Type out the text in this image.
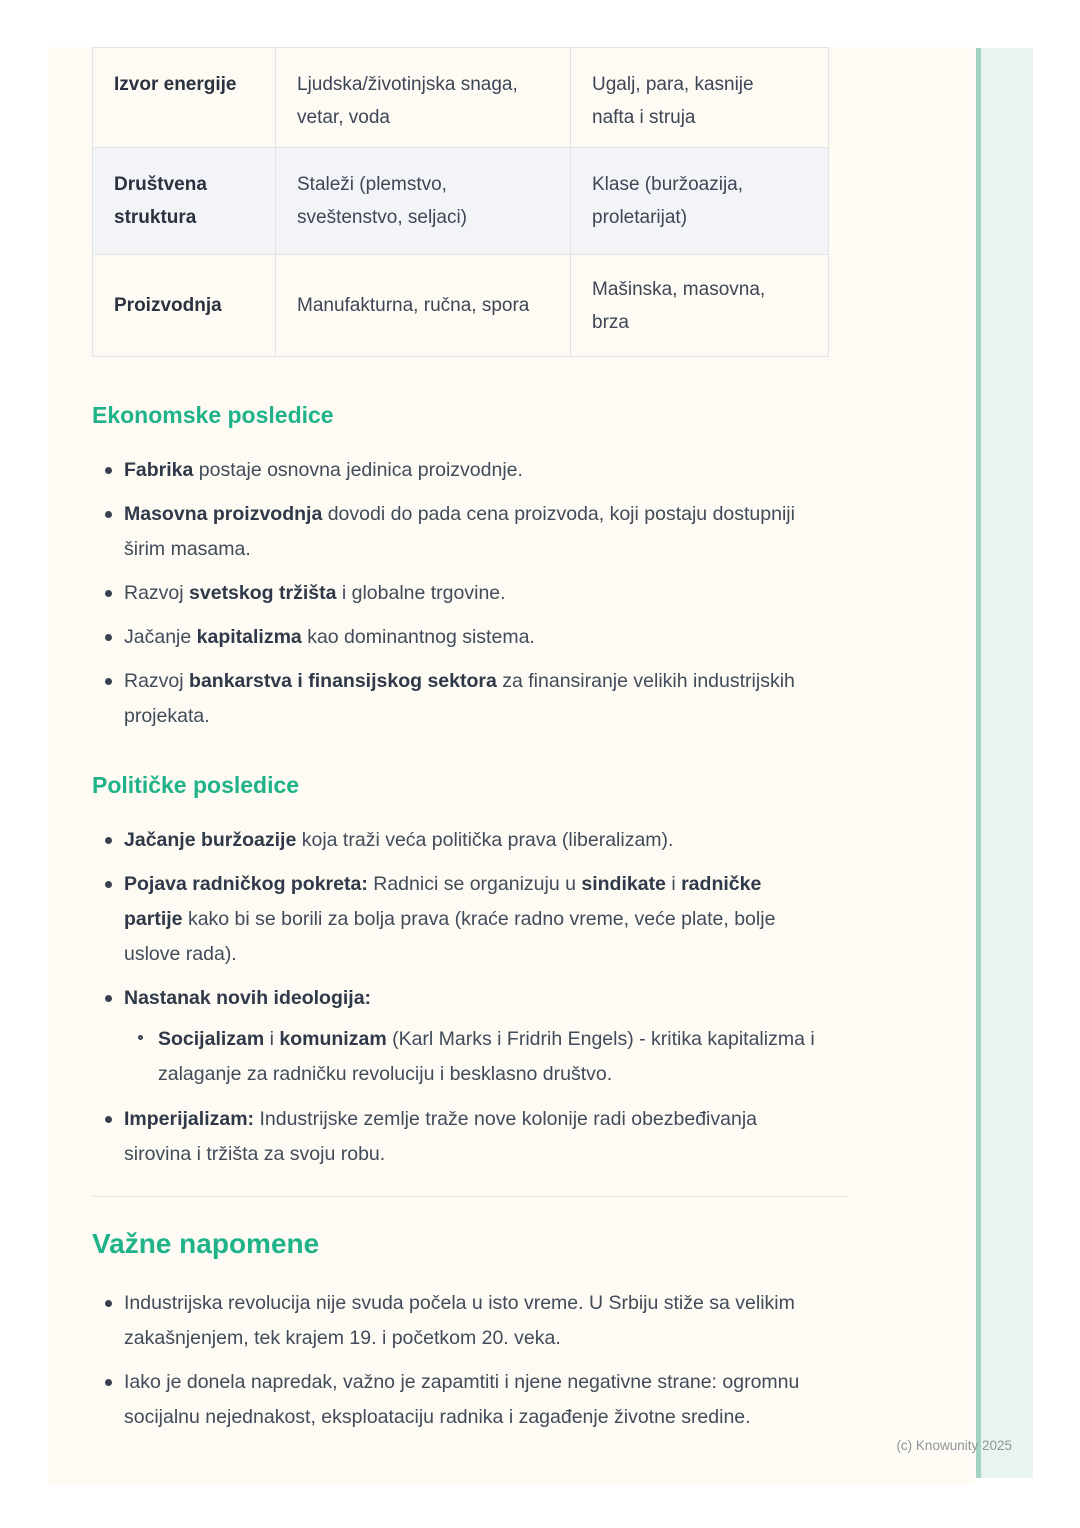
Izvor energije	Ljudska/životinjska snaga, vetar, voda	Ugalj, para, kasnije nafta i struja
Društvena struktura	Staleži (plemstvo, sveštenstvo, seljaci)	Klase (buržoazija, proletarijat)
Proizvodnja	Manufakturna, ručna, spora	Mašinska, masovna, brza
Ekonomske posledice
Fabrika postaje osnovna jedinica proizvodnje.
Masovna proizvodnja dovodi do pada cena proizvoda, koji postaju dostupniji širim masama.
Razvoj svetskog tržišta i globalne trgovine.
Jačanje kapitalizma kao dominantnog sistema.
Razvoj bankarstva i finansijskog sektora za finansiranje velikih industrijskih projekata.
Političke posledice
Jačanje buržoazije koja traži veća politička prava (liberalizam).
Pojava radničkog pokreta: Radnici se organizuju u sindikate i radničke partije kako bi se borili za bolja prava (kraće radno vreme, veće plate, bolje uslove rada).
Nastanak novih ideologija:
Socijalizam i komunizam (Karl Marks i Fridrih Engels) - kritika kapitalizma i zalaganje za radničku revoluciju i besklasno društvo.
Imperijalizam: Industrijske zemlje traže nove kolonije radi obezbeđivanja sirovina i tržišta za svoju robu.
Važne napomene
Industrijska revolucija nije svuda počela u isto vreme. U Srbiju stiže sa velikim zakašnjenjem, tek krajem 19. i početkom 20. veka.
Iako je donela napredak, važno je zapamtiti i njene negativne strane: ogromnu socijalnu nejednakost, eksploataciju radnika i zagađenje životne sredine.
(c) Knowunity 2025
